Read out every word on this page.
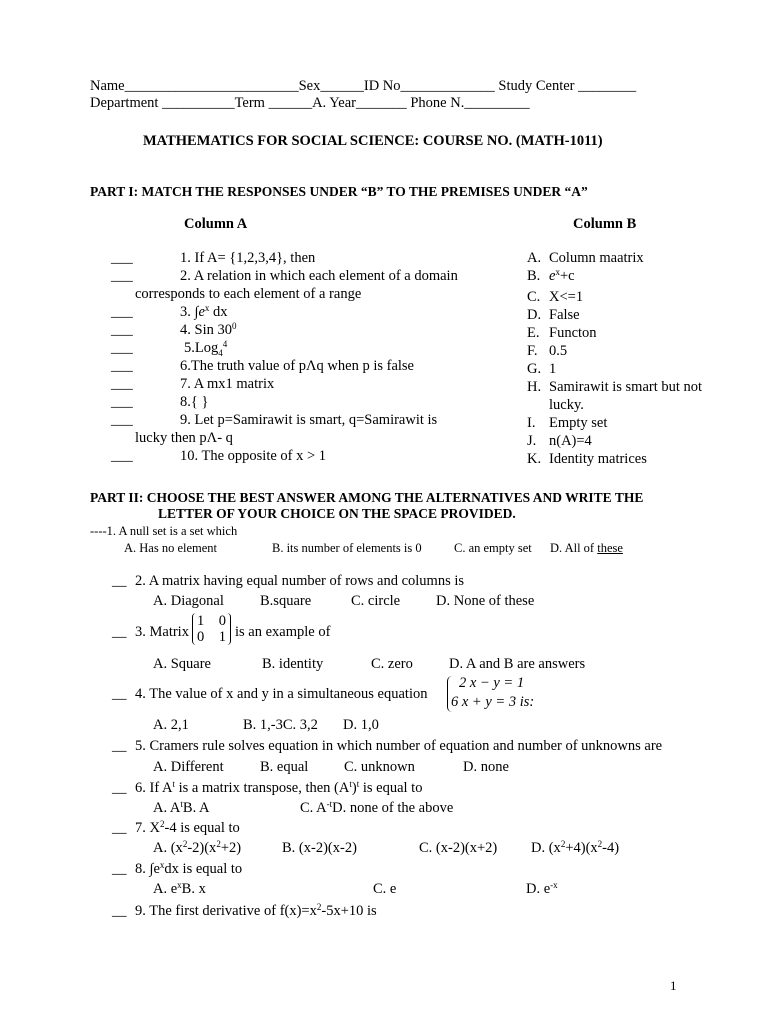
Name________________________Sex______ID No_____________ Study Center ________
Department __________Term ______A. Year_______ Phone N._________
MATHEMATICS FOR SOCIAL SCIENCE: COURSE NO. (MATH-1011)
PART I: MATCH THE RESPONSES UNDER “B” TO THE PREMISES UNDER “A”
Column A	Column B
___	1. If A= {1,2,3,4}, then
___	2. A relation in which each element of a domain
corresponds to each element of a range
___	3. $\int e^x$ dx
___	4. Sin $30^0$
___	5.Log$_4^4$
___	6.The truth value of pΛq when p is false
___	7. A mx1 matrix
___	8.{ }
___	9. Let p=Samirawit is smart, q=Samirawit is
lucky then pΛ- q
___	10. The opposite of x > 1
A. Column maatrix
B. $e^x+c$
C. X<=1
D. False
E. Functon
F. 0.5
G. 1
H. Samirawit is smart but not
lucky.
I. Empty set
J. n(A)=4
K. Identity matrices
PART II: CHOOSE THE BEST ANSWER AMONG THE ALTERNATIVES AND WRITE THE
LETTER OF YOUR CHOICE ON THE SPACE PROVIDED.
----1. A null set is a set which
A. Has no element	B. its number of elements is 0	C. an empty set D. All of these
__ 2. A matrix having equal number of rows and columns is
A. Diagonal B.square	C. circle D. None of these
__ 3. Matrix
1    0
0    1 is an example of
A. Square	B. identity	C. zero D. A and B are answers
__ 4. The value of x and y in a simultaneous equation
2 x − y = 1
6 x + y = 3 is:
A. 2,1	B. 1,-3C. 3,2 D. 1,0
__ 5. Cramers rule solves equation in which number of equation and number of unknowns are
A. Different	B. equal C. unknown	D. none
__ 6. If $A^t$ is a matrix transpose, then $(A^t)^t$ is equal to
A. $A^tB$. A	C. $A^{-t}D$. none of the above
__ 7. $X^2-4$ is equal to
A. $(x^2-2)(x^2+2)$	B. (x-2)(x-2)	C. (x-2)(x+2) D. $(x^2+4)(x^2-4)$
__ 8. $\int e^xdx$ is equal to
A. $e^xB$. x	C. e	D. $e^{-x}$
__ 9. The first derivative of $f(x)=x^2-5x+10$ is
1
